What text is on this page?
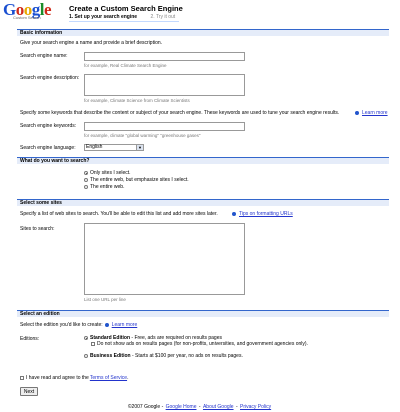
Google
Custom Search
Create a Custom Search Engine
1. Set up your search engine	2. Try it out
Basic information
Give your search engine a name and provide a brief description.
Search engine name:
for example, Real Climate Search Engine
Search engine description:
for example, Climate Science from Climate Scientists
Specify some keywords that describe the content or subject of your search engine. These keywords are used to tune your search engine results.	Learn more
Search engine keywords:
for example, climate "global warming" "greenhouse gases"
Search engine language:	English	▼
What do you want to search?
Only sites I select.
The entire web, but emphasize sites I select.
The entire web.
Select some sites
Specify a list of web sites to search. You'll be able to edit this list and add more sites later.	Tips on formatting URLs
Sites to search:
List one URL per line
Select an edition
Select the edition you'd like to create: Learn more
Editions:	Standard Edition - Free, ads are required on results pages
Do not show ads on results pages (for non-profits, universities, and government agencies only).
Business Edition - Starts at $100 per year, no ads on results pages.
I have read and agree to the Terms of Service .
Next
©2007 Google - Google Home - About Google - Privacy Policy
